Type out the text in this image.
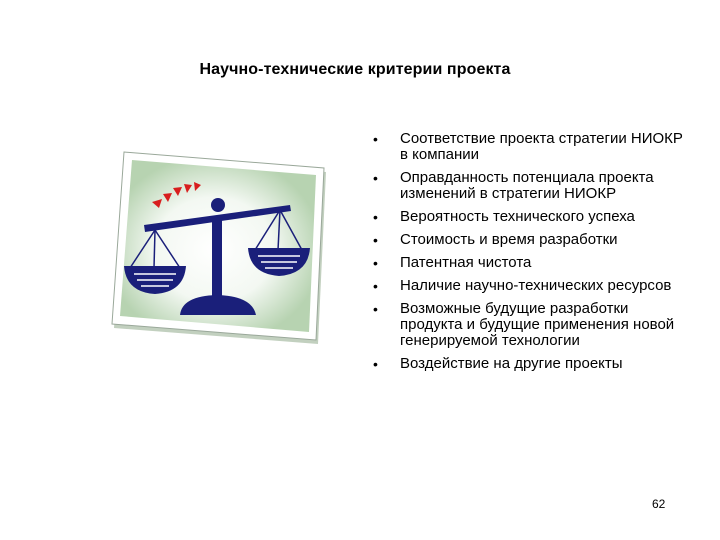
Научно-технические критерии проекта
• Соответствие проекта стратегии НИОКР в компании
• Оправданность потенциала проекта изменений в стратегии НИОКР
• Вероятность технического успеха
• Стоимость и время разработки
• Патентная чистота
• Наличие научно-технических ресурсов
• Возможные будущие разработки продукта и будущие применения новой генерируемой технологии
• Воздействие на другие проекты
62
